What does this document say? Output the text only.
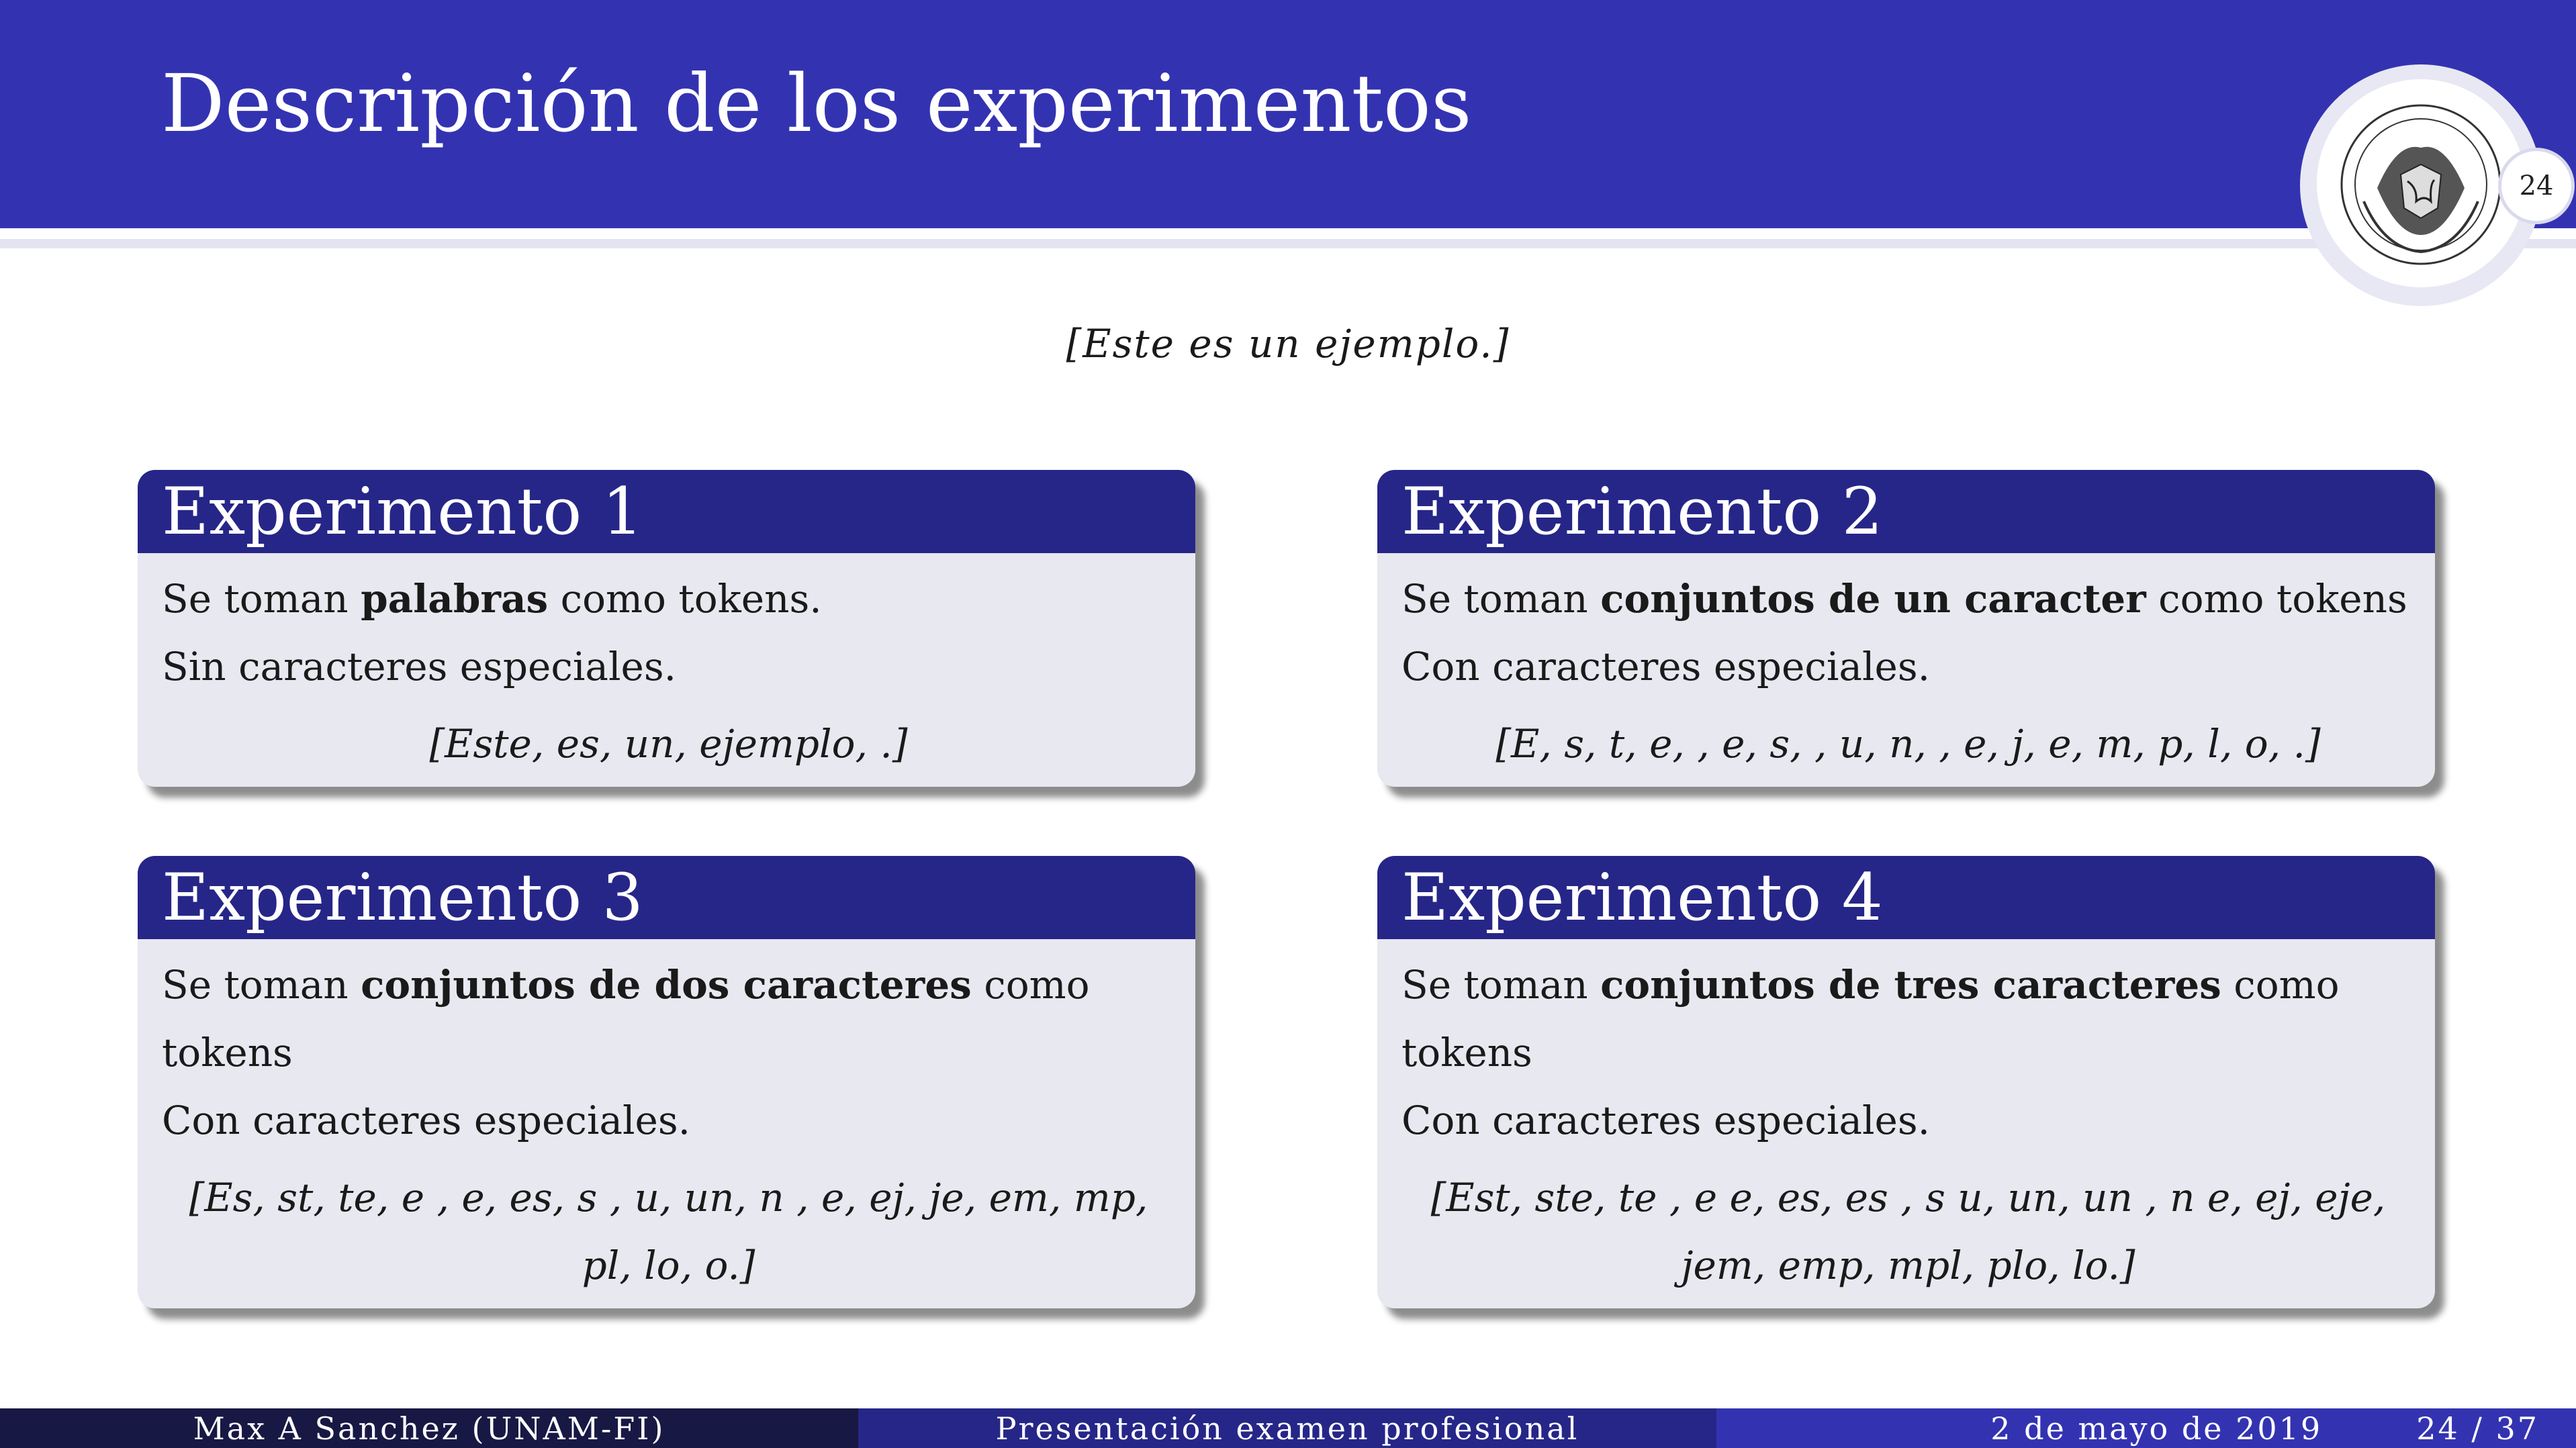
Descripción de los experimentos
24
[Este es un ejemplo.]
Experimento 1

Se toman palabras como tokens.

Sin caracteres especiales.

[Este, es, un, ejemplo, .]

Experimento 2

Se toman conjuntos de un caracter como tokens

Con caracteres especiales.

[E, s, t, e, , e, s, , u, n, , e, j, e, m, p, l, o, .]

Experimento 3

Se toman conjuntos de dos caracteres como

tokens

Con caracteres especiales.

[Es, st, te, e , e, es, s , u, un, n , e, ej, je, em, mp, pl, lo, o.]

Experimento 4

Se toman conjuntos de tres caracteres como

tokens

Con caracteres especiales.

[Est, ste, te , e e, es, es , s u, un, un , n e, ej, eje, jem, emp, mpl, plo, lo.]

Max A Sanchez (UNAM-FI)	Presentación examen profesional	2 de mayo de 2019	24 / 37
